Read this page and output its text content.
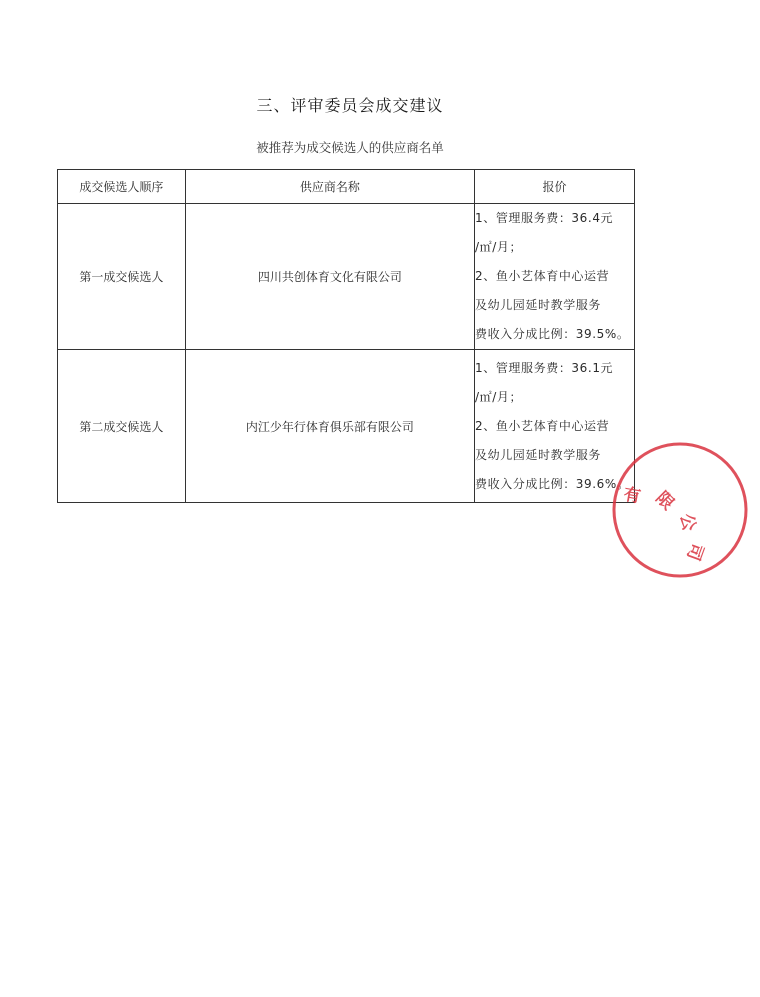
三、评审委员会成交建议
被推荐为成交候选人的供应商名单
成交候选人顺序	供应商名称	报价
第一成交候选人	四川共创体育文化有限公司	1、管理服务费：36.4元
/㎡/月；
2、鱼小艺体育中心运营
及幼儿园延时教学服务
费收入分成比例：39.5%。

第二成交候选人	内江少年行体育俱乐部有限公司	1、管理服务费：36.1元
/㎡/月；
2、鱼小艺体育中心运营
及幼儿园延时教学服务
费收入分成比例：39.6%。
有 限
公
司
